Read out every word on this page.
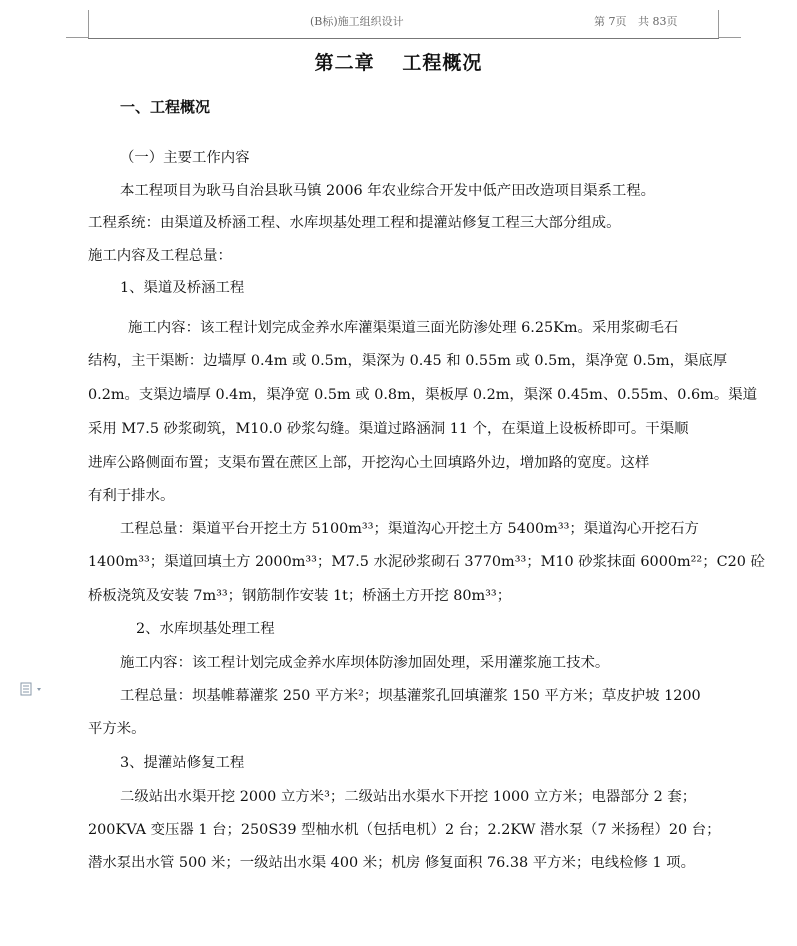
(B标)施工组织设计	第 7页 共 83页
第二章 工程概况
一、工程概况
（一）主要工作内容
本工程项目为耿马自治县耿马镇 2006 年农业综合开发中低产田改造项目渠系工程。
工程系统：由渠道及桥涵工程、水库坝基处理工程和提灌站修复工程三大部分组成。
施工内容及工程总量：
1、渠道及桥涵工程
施工内容：该工程计划完成金养水库灌渠渠道三面光防渗处理 6.25Km。采用浆砌毛石
结构，主干渠断：边墙厚 0.4m 或 0.5m，渠深为 0.45 和 0.55m 或 0.5m，渠净宽 0.5m，渠底厚
0.2m。支渠边墙厚 0.4m，渠净宽 0.5m 或 0.8m，渠板厚 0.2m，渠深 0.45m、0.55m、0.6m。渠道
采用 M7.5 砂浆砌筑，M10.0 砂浆勾缝。渠道过路涵洞 11 个，在渠道上设板桥即可。干渠顺
进库公路侧面布置；支渠布置在蔗区上部，开挖沟心土回填路外边，增加路的宽度。这样
有利于排水。
工程总量：渠道平台开挖土方 5100m³³；渠道沟心开挖土方 5400m³³；渠道沟心开挖石方
1400m³³；渠道回填土方 2000m³³；M7.5 水泥砂浆砌石 3770m³³；M10 砂浆抹面 6000m²²；C20 砼
桥板浇筑及安装 7m³³；钢筋制作安装 1t；桥涵土方开挖 80m³³；
2、水库坝基处理工程
施工内容：该工程计划完成金养水库坝体防渗加固处理，采用灌浆施工技术。
工程总量：坝基帷幕灌浆 250 平方米²；坝基灌浆孔回填灌浆 150 平方米；草皮护坡 1200
平方米。
3、提灌站修复工程
二级站出水渠开挖 2000 立方米³；二级站出水渠水下开挖 1000 立方米；电器部分 2 套；
200KVA 变压器 1 台；250S39 型柚水机（包括电机）2 台；2.2KW 潜水泵（7 米扬程）20 台；
潜水泵出水管 500 米；一级站出水渠 400 米；机房 修复面积 76.38 平方米；电线检修 1 项。
